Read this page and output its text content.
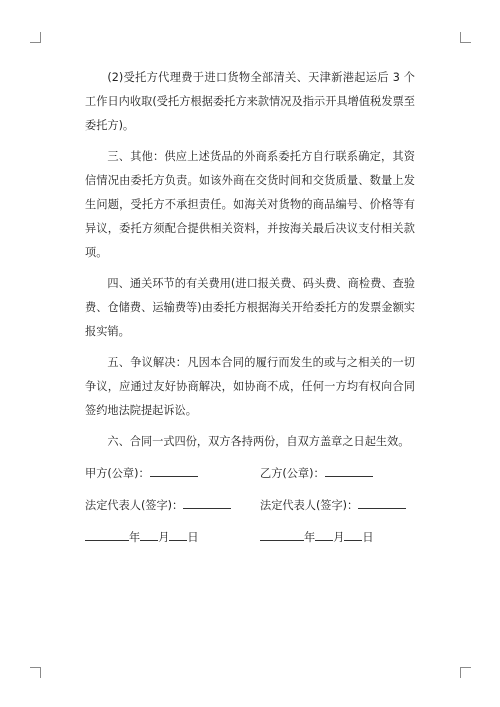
(2)受托方代理费于进口货物全部清关、天津新港起运后 3 个工作日内收取(受托方根据委托方来款情况及指示开具增值税发票至委托方)。

三、其他：供应上述货品的外商系委托方自行联系确定，其资信情况由委托方负责。如该外商在交货时间和交货质量、数量上发生问题，受托方不承担责任。如海关对货物的商品编号、价格等有异议，委托方须配合提供相关资料，并按海关最后决议支付相关款项。

四、通关环节的有关费用(进口报关费、码头费、商检费、查验费、仓储费、运输费等)由委托方根据海关开给委托方的发票金额实报实销。

五、争议解决：凡因本合同的履行而发生的或与之相关的一切争议，应通过友好协商解决，如协商不成，任何一方均有权向合同签约地法院提起诉讼。

六、合同一式四份，双方各持两份，自双方盖章之日起生效。

甲方(公章)：	乙方(公章)：
法定代表人(签字)：	法定代表人(签字)：
年 月 日	年 月 日
